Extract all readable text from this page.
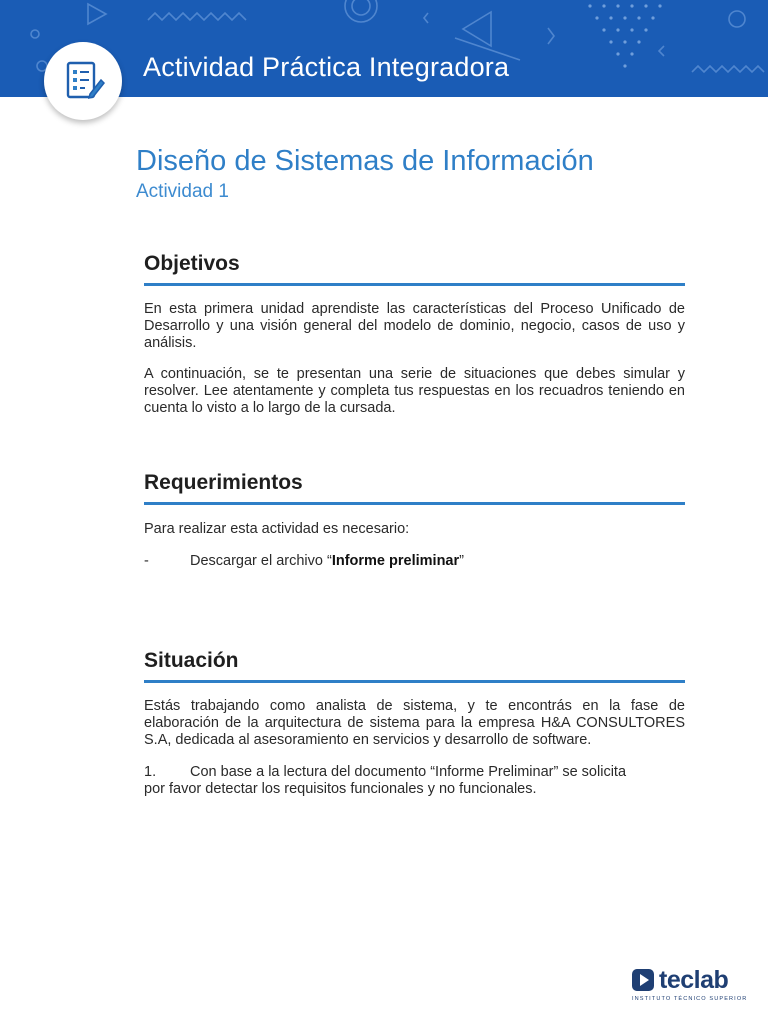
Actividad Práctica Integradora
Diseño de Sistemas de Información
Actividad 1
Objetivos

En esta primera unidad aprendiste las características del Proceso Unificado de Desarrollo y una visión general del modelo de dominio, negocio, casos de uso y análisis.

A continuación, se te presentan una serie de situaciones que debes simular y resolver. Lee atentamente y completa tus respuestas en los recuadros teniendo en cuenta lo visto a lo largo de la cursada.

Requerimientos

Para realizar esta actividad es necesario:

-	Descargar el archivo “Informe preliminar”
Situación

Estás trabajando como analista de sistema, y te encontrás en la fase de elaboración de la arquitectura de sistema para la empresa H&A CONSULTORES S.A, dedicada al asesoramiento en servicios y desarrollo de software.

1. Con base a la lectura del documento “Informe Preliminar” se solicita
por favor detectar los requisitos funcionales y no funcionales.
teclab
INSTITUTO TÉCNICO SUPERIOR
